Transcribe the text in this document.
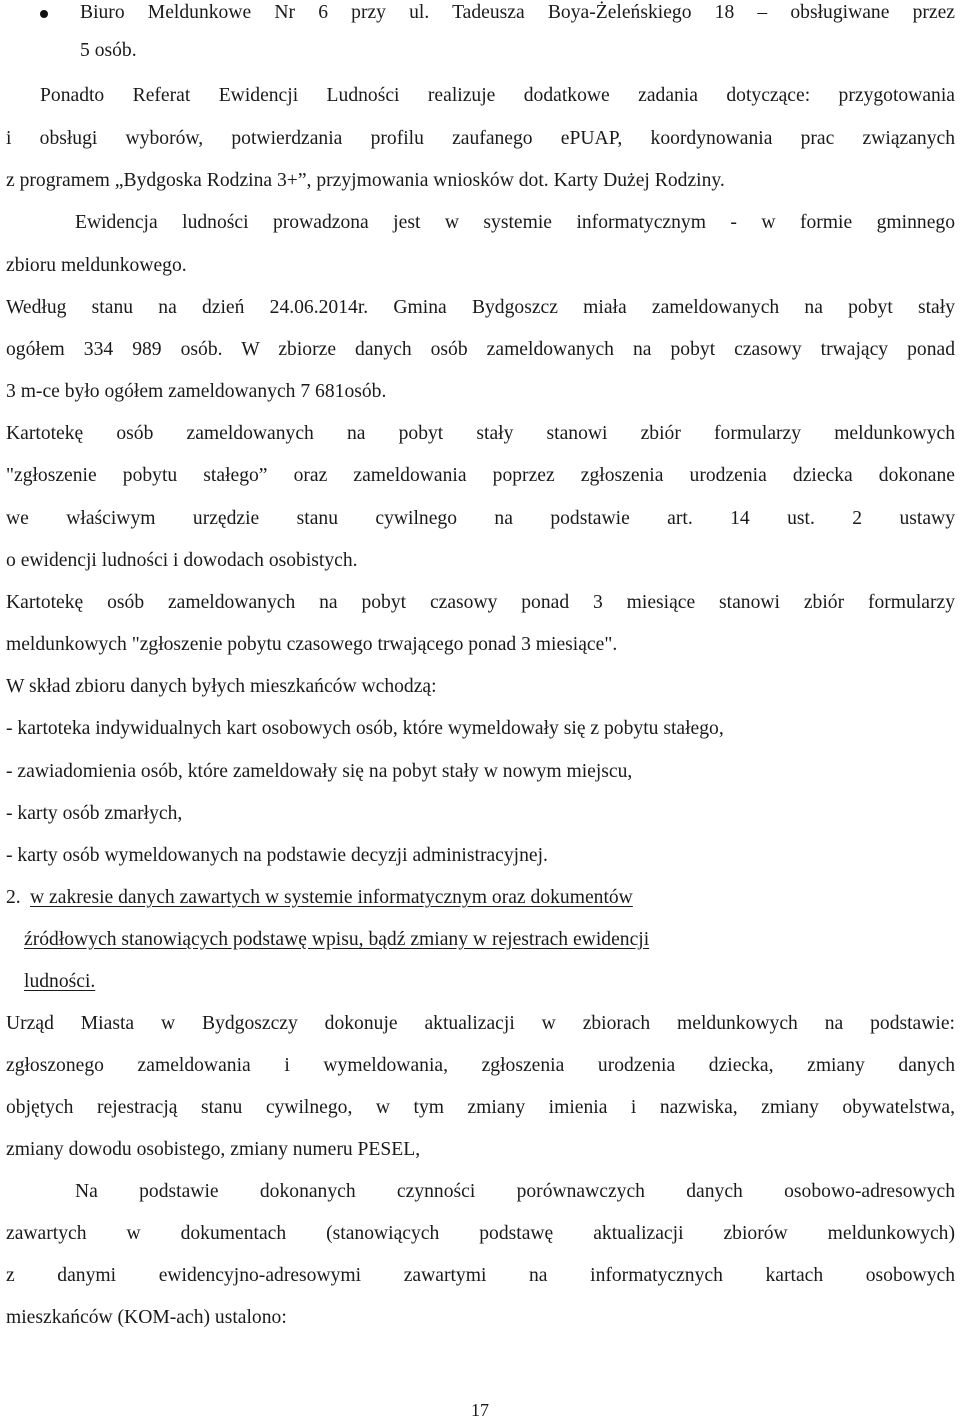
Biuro Meldunkowe Nr 6 przy ul. Tadeusza Boya-Żeleńskiego 18 – obsługiwane przez
5 osób.
Ponadto Referat Ewidencji Ludności realizuje dodatkowe zadania dotyczące: przygotowania
i obsługi wyborów, potwierdzania profilu zaufanego ePUAP, koordynowania prac związanych
z programem „Bydgoska Rodzina 3+”, przyjmowania wniosków dot. Karty Dużej Rodziny.
Ewidencja ludności prowadzona jest w systemie informatycznym - w formie gminnego
zbioru meldunkowego.
Według stanu na dzień 24.06.2014r. Gmina Bydgoszcz miała zameldowanych na pobyt stały
ogółem 334 989 osób. W zbiorze danych osób zameldowanych na pobyt czasowy trwający ponad
3 m-ce było ogółem zameldowanych 7 681osób.
Kartotekę osób zameldowanych na pobyt stały stanowi zbiór formularzy meldunkowych
"zgłoszenie pobytu stałego” oraz zameldowania poprzez zgłoszenia urodzenia dziecka dokonane
we właściwym urzędzie stanu cywilnego na podstawie art. 14 ust. 2 ustawy
o ewidencji ludności i dowodach osobistych.
Kartotekę osób zameldowanych na pobyt czasowy ponad 3 miesiące stanowi zbiór formularzy
meldunkowych "zgłoszenie pobytu czasowego trwającego ponad 3 miesiące".
W skład zbioru danych byłych mieszkańców wchodzą:
- kartoteka indywidualnych kart osobowych osób, które wymeldowały się z pobytu stałego,
- zawiadomienia osób, które zameldowały się na pobyt stały w nowym miejscu,
- karty osób zmarłych,
- karty osób wymeldowanych na podstawie decyzji administracyjnej.
2. w zakresie danych zawartych w systemie informatycznym oraz dokumentów
źródłowych stanowiących podstawę wpisu, bądź zmiany w rejestrach ewidencji
ludności.
Urząd Miasta w Bydgoszczy dokonuje aktualizacji w zbiorach meldunkowych na podstawie:
zgłoszonego zameldowania i wymeldowania, zgłoszenia urodzenia dziecka, zmiany danych
objętych rejestracją stanu cywilnego, w tym zmiany imienia i nazwiska, zmiany obywatelstwa,
zmiany dowodu osobistego, zmiany numeru PESEL,
Na podstawie dokonanych czynności porównawczych danych osobowo-adresowych
zawartych w dokumentach (stanowiących podstawę aktualizacji zbiorów meldunkowych)
z danymi ewidencyjno-adresowymi zawartymi na informatycznych kartach osobowych
mieszkańców (KOM-ach) ustalono:
17
